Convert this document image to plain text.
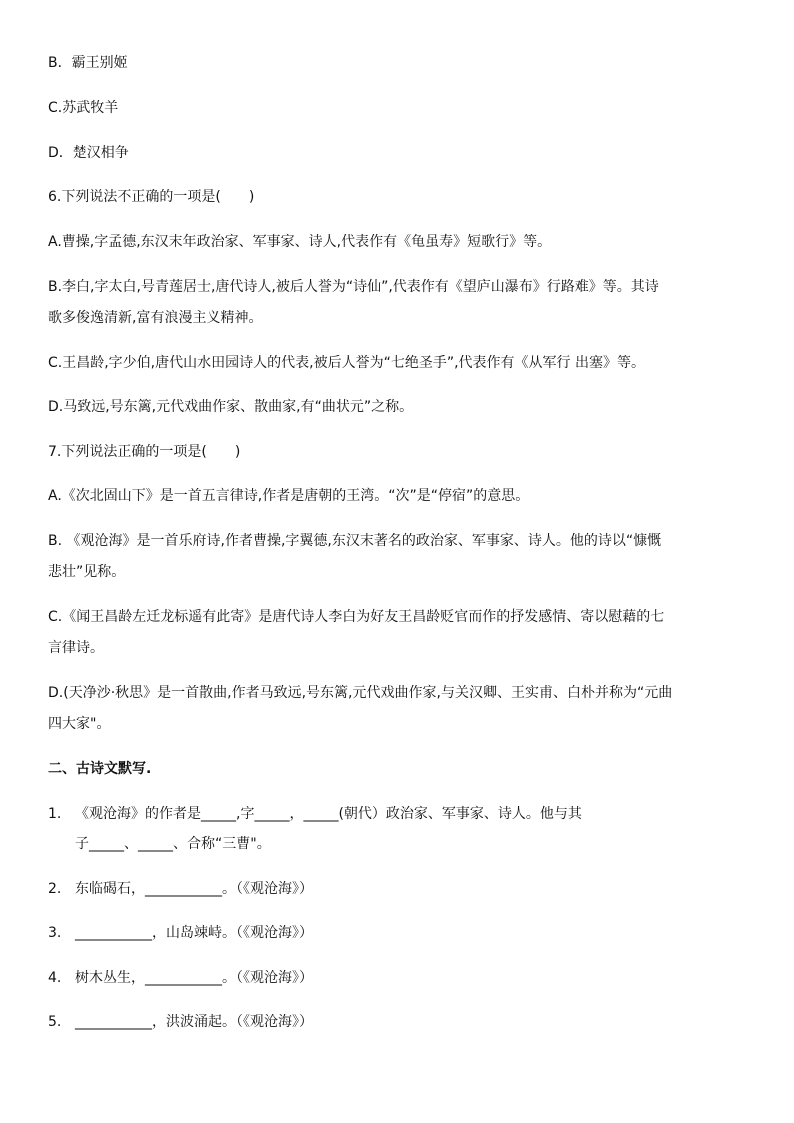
B．霸王别姬
C.苏武牧羊
D．楚汉相争
6.下列说法不正确的一项是(　　)
A.曹操,字孟德,东汉末年政治家、军事家、诗人,代表作有《龟虽寿》短歌行》等。
B.李白,字太白,号青莲居士,唐代诗人,被后人誉为“诗仙”,代表作有《望庐山瀑布》行路难》等。其诗
歌多俊逸清新,富有浪漫主义精神。
C.王昌龄,字少伯,唐代山水田园诗人的代表,被后人誉为“七绝圣手”,代表作有《从军行 出塞》等。
D.马致远,号东篱,元代戏曲作家、散曲家,有“曲状元”之称。
7.下列说法正确的一项是(　　)
A.《次北固山下》是一首五言律诗,作者是唐朝的王湾。“次”是“停宿”的意思。
B. 《观沧海》是一首乐府诗,作者曹操,字翼德,东汉末著名的政治家、军事家、诗人。他的诗以“慷慨
悲壮”见称。
C.《闻王昌龄左迁龙标遥有此寄》是唐代诗人李白为好友王昌龄贬官而作的抒发感情、寄以慰藉的七
言律诗。
D.(天净沙·秋思》是一首散曲,作者马致远,号东篱,元代戏曲作家,与关汉卿、王实甫、白朴并称为“元曲
四大家"。
二、古诗文默写.
1. 《观沧海》的作者是_____,字_____，_____(朝代）政治家、军事家、诗人。他与其
子_____、_____、合称“三曹"。
2. 东临碣石，___________。（《观沧海》）
3. ___________，山岛竦峙。（《观沧海》）
4. 树木丛生，___________。（《观沧海》）
5. ___________，洪波涌起。（《观沧海》）
